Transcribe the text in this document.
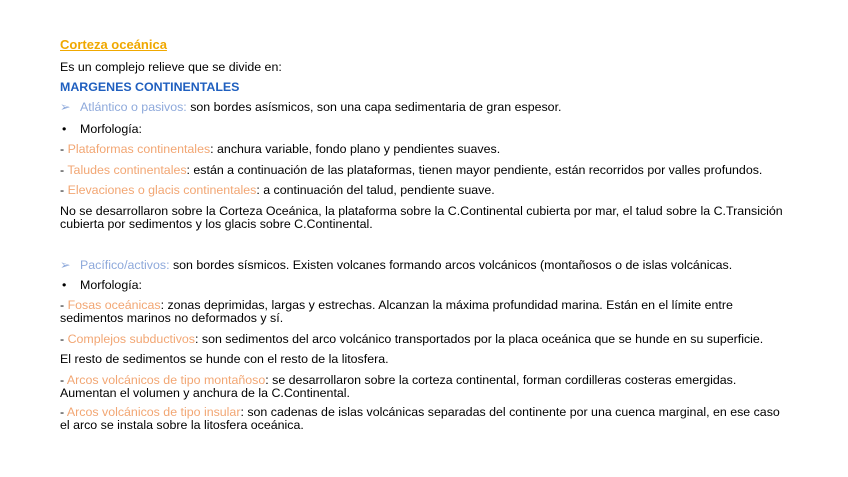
Corteza oceánica
Es un complejo relieve que se divide en:
MARGENES CONTINENTALES
➢ Atlántico o pasivos: son bordes asísmicos, son una capa sedimentaria de gran espesor.
• Morfología:
- Plataformas continentales: anchura variable, fondo plano y pendientes suaves.
- Taludes continentales: están a continuación de las plataformas, tienen mayor pendiente, están recorridos por valles profundos.
- Elevaciones o glacis continentales: a continuación del talud, pendiente suave.
No se desarrollaron sobre la Corteza Oceánica, la plataforma sobre la C.Continental cubierta por mar, el talud sobre la C.Transición cubierta por sedimentos y los glacis sobre C.Continental.
➢ Pacífico/activos: son bordes sísmicos. Existen volcanes formando arcos volcánicos (montañosos o de islas volcánicas.
• Morfología:
- Fosas oceánicas: zonas deprimidas, largas y estrechas. Alcanzan la máxima profundidad marina. Están en el límite entre sedimentos marinos no deformados y sí.
- Complejos subductivos: son sedimentos del arco volcánico transportados por la placa oceánica que se hunde en su superficie.
El resto de sedimentos se hunde con el resto de la litosfera.
- Arcos volcánicos de tipo montañoso: se desarrollaron sobre la corteza continental, forman cordilleras costeras emergidas. Aumentan el volumen y anchura de la C.Continental.
- Arcos volcánicos de tipo insular: son cadenas de islas volcánicas separadas del continente por una cuenca marginal, en ese caso el arco se instala sobre la litosfera oceánica.
